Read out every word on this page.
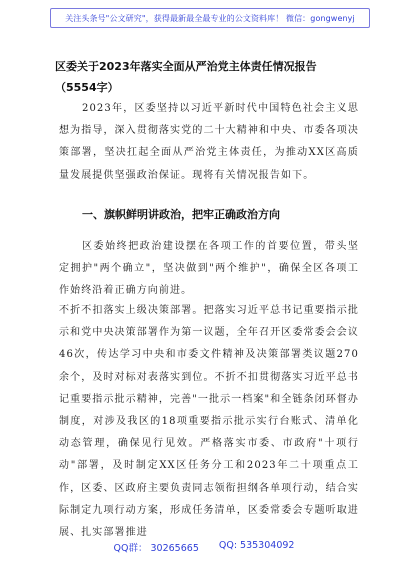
关注头条号"公文研究"，获得最新最全最专业的公文资料库！ 微信：gongwenyj
区委关于2023年落实全面从严治党主体责任情况报告
（5554字）

2023年，区委坚持以习近平新时代中国特色社会主义思想为指导，深入贯彻落实党的二十大精神和中央、市委各项决策部署，坚决扛起全面从严治党主体责任，为推动XX区高质量发展提供坚强政治保证。现将有关情况报告如下。

一、旗帜鲜明讲政治，把牢正确政治方向

区委始终把政治建设摆在各项工作的首要位置，带头坚定拥护"两个确立"，坚决做到"两个维护"，确保全区各项工作始终沿着正确方向前进。

不折不扣落实上级决策部署。把落实习近平总书记重要指示批示和党中央决策部署作为第一议题，全年召开区委常委会会议46次，传达学习中央和市委文件精神及决策部署类议题270余个，及时对标对表落实到位。不折不扣贯彻落实习近平总书记重要指示批示精神，完善"一批示一档案"和全链条闭环督办制度，对涉及我区的18项重要指示批示实行台账式、清单化动态管理，确保见行见效。严格落实市委、市政府"十项行动"部署，及时制定XX区任务分工和2023年二十项重点工作，区委、区政府主要负责同志领衔担纲各单项行动，结合实际制定九项行动方案，形成任务清单，区委常委会专题听取进展、扎实部署推进

QQ群： 30265665 QQ: 535304092
